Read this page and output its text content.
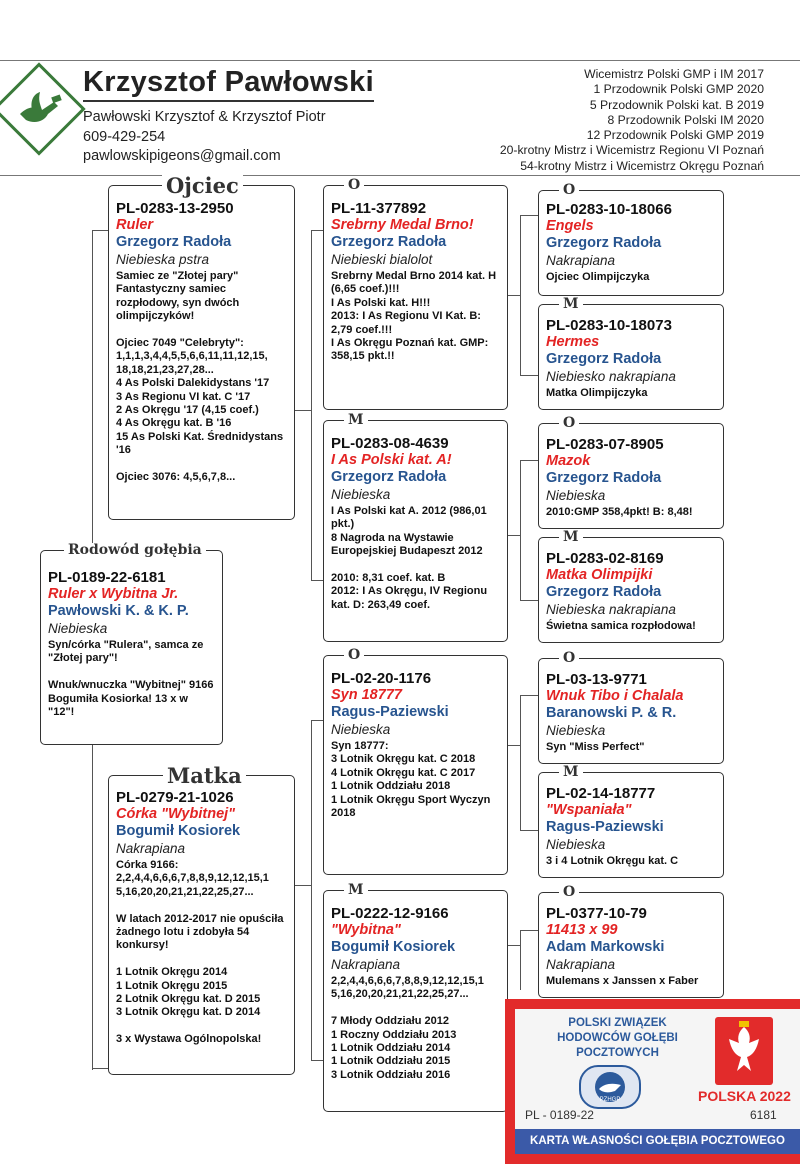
Krzysztof Pawłowski
Pawłowski Krzysztof & Krzysztof Piotr
609-429-254
pawlowskipigeons@gmail.com
Wicemistrz Polski GMP i IM 2017
1 Przodownik Polski GMP 2020
5 Przodownik Polski kat. B 2019
8 Przodownik Polski IM 2020
12 Przodownik Polski GMP 2019
20-krotny Mistrz i Wicemistrz Regionu VI Poznań
54-krotny Mistrz i Wicemistrz Okręgu Poznań
PL-0283-13-2950
Ruler
Grzegorz Radoła
Niebieska pstra
Samiec ze "Złotej pary" Fantastyczny samiec rozpłodowy, syn dwóch olimpijczyków!

Ojciec 7049 "Celebryty": 1,1,1,3,4,4,5,5,6,6,11,11,12,15, 18,18,21,23,27,28...
4 As Polski Dalekidystans '17
3 As Regionu VI kat. C '17
2 As Okręgu '17 (4,15 coef.)
4 As Okręgu kat. B '16
15 As Polski Kat. Średnidystans '16

Ojciec 3076: 4,5,6,7,8...
Ojciec
PL-0189-22-6181
Ruler x Wybitna Jr.
Pawłowski K. & K. P.
Niebieska
Syn/córka "Rulera", samca ze "Złotej pary"!

Wnuk/wnuczka "Wybitnej" 9166 Bogumiła Kosiorka! 13 x w "12"!
Rodowód gołębia
PL-0279-21-1026
Córka "Wybitnej"
Bogumił Kosiorek
Nakrapiana
Córka 9166: 2,2,4,4,6,6,6,7,8,8,9,12,12,15,1 5,16,20,20,21,21,22,25,27...

W latach 2012-2017 nie opuściła żadnego lotu i zdobyła 54 konkursy!

1 Lotnik Okręgu 2014
1 Lotnik Okręgu 2015
2 Lotnik Okręgu kat. D 2015
3 Lotnik Okręgu kat. D 2014

3 x Wystawa Ogólnopolska!
Matka
PL-11-377892
Srebrny Medal Brno!
Grzegorz Radoła
Niebieski bialolot
Srebrny Medal Brno 2014 kat. H (6,65 coef.)!!!
I As Polski kat. H!!!
2013: I As Regionu VI Kat. B: 2,79 coef.!!!
I As Okręgu Poznań kat. GMP: 358,15 pkt.!!
O
PL-0283-08-4639
I As Polski kat. A!
Grzegorz Radoła
Niebieska
I As Polski kat A. 2012 (986,01 pkt.)
8 Nagroda na Wystawie Europejskiej Budapeszt 2012

2010: 8,31 coef. kat. B
2012: I As Okręgu, IV Regionu
kat. D: 263,49 coef.
M
PL-02-20-1176
Syn 18777
Ragus-Paziewski
Niebieska
Syn 18777:
3 Lotnik Okręgu kat. C 2018
4 Lotnik Okręgu kat. C 2017
1 Lotnik Oddziału 2018
1 Lotnik Okręgu Sport Wyczyn 2018
O
PL-0222-12-9166
"Wybitna"
Bogumił Kosiorek
Nakrapiana
2,2,4,4,6,6,6,7,8,8,9,12,12,15,1 5,16,20,20,21,21,22,25,27...

7 Młody Oddziału 2012
1 Roczny Oddziału 2013
1 Lotnik Oddziału 2014
1 Lotnik Oddziału 2015
3 Lotnik Oddziału 2016
M
PL-0283-10-18066
Engels
Grzegorz Radoła
Nakrapiana
Ojciec Olimpijczyka
O
PL-0283-10-18073
Hermes
Grzegorz Radoła
Niebiesko nakrapiana
Matka Olimpijczyka
M
PL-0283-07-8905
Mazok
Grzegorz Radoła
Niebieska
2010:GMP 358,4pkt! B: 8,48!
O
PL-0283-02-8169
Matka Olimpijki
Grzegorz Radoła
Niebieska nakrapiana
Świetna samica rozpłodowa!
M
PL-03-13-9771
Wnuk Tibo i Chalala
Baranowski P. & R.
Niebieska
Syn "Miss Perfect"
O
PL-02-14-18777
"Wspaniała"
Ragus-Paziewski
Niebieska
3 i 4 Lotnik Okręgu kat. C
M
PL-0377-10-79
11413 x 99
Adam Markowski
Nakrapiana
Mulemans x Janssen x Faber
O
POLSKI ZWIĄZEK HODOWCÓW GOŁĘBI POCZTOWYCH
PZHGP	POLSKA 2022
PL - 0189-22	6181
KARTA WŁASNOŚCI GOŁĘBIA POCZTOWEGO
